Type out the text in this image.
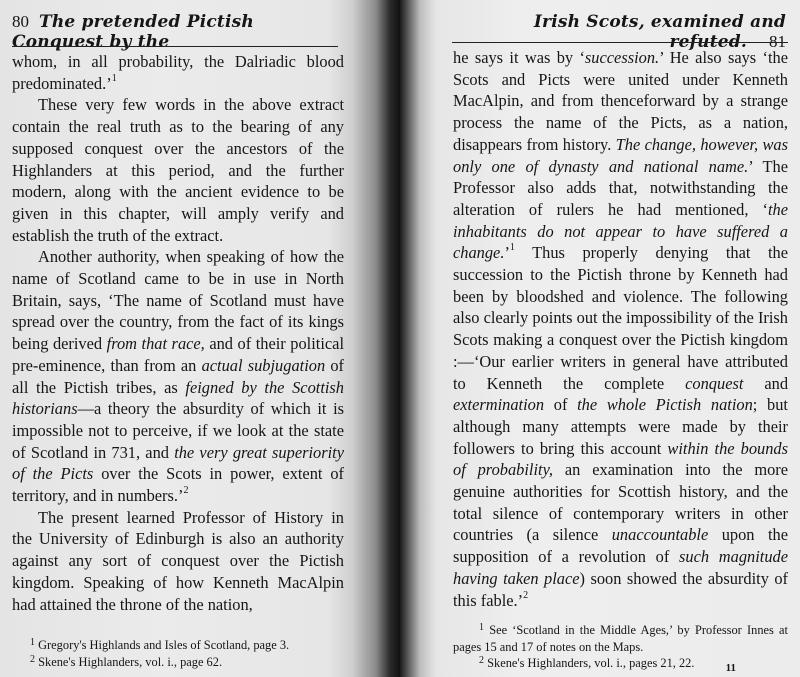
80 The pretended Pictish Conquest by the

whom, in all probability, the Dalriadic blood predominated.’$^1$

These very few words in the above extract contain the real truth as to the bearing of any supposed conquest over the ancestors of the Highlanders at this period, and the further modern, along with the ancient evidence to be given in this chapter, will amply verify and establish the truth of the extract.

Another authority, when speaking of how the name of Scotland came to be in use in North Britain, says, ‘The name of Scotland must have spread over the country, from the fact of its kings being derived from that race, and of their political pre-eminence, than from an actual subjugation of all the Pictish tribes, as feigned by the Scottish historians—a theory the absurdity of which it is impossible not to perceive, if we look at the state of Scotland in 731, and the very great superiority of the Picts over the Scots in power, extent of territory, and in numbers.’$^2$

The present learned Professor of History in the University of Edinburgh is also an authority against any sort of conquest over the Pictish kingdom. Speaking of how Kenneth MacAlpin had attained the throne of the nation,

$^1$ Gregory's Highlands and Isles of Scotland, page 3.

$^2$ Skene's Highlanders, vol. i., page 62.

Irish Scots, examined and refuted. 81

he says it was by ‘succession.’ He also says ‘the Scots and Picts were united under Kenneth MacAlpin, and from thenceforward by a strange process the name of the Picts, as a nation, disappears from history. The change, however, was only one of dynasty and national name.’ The Professor also adds that, notwithstanding the alteration of rulers he had mentioned, ‘the inhabitants do not appear to have suffered a change.’$^1$ Thus properly denying that the succession to the Pictish throne by Kenneth had been by bloodshed and violence. The following also clearly points out the impossibility of the Irish Scots making a conquest over the Pictish kingdom :—‘Our earlier writers in general have attributed to Kenneth the complete conquest and extermination of the whole Pictish nation; but although many attempts were made by their followers to bring this account within the bounds of probability, an examination into the more genuine authorities for Scottish history, and the total silence of contemporary writers in other countries (a silence unaccountable upon the supposition of a revolution of such magnitude having taken place) soon showed the absurdity of this fable.’$^2$

$^1$ See ‘Scotland in the Middle Ages,’ by Professor Innes at pages 15 and 17 of notes on the Maps.

$^2$ Skene's Highlanders, vol. i., pages 21, 22.	11
